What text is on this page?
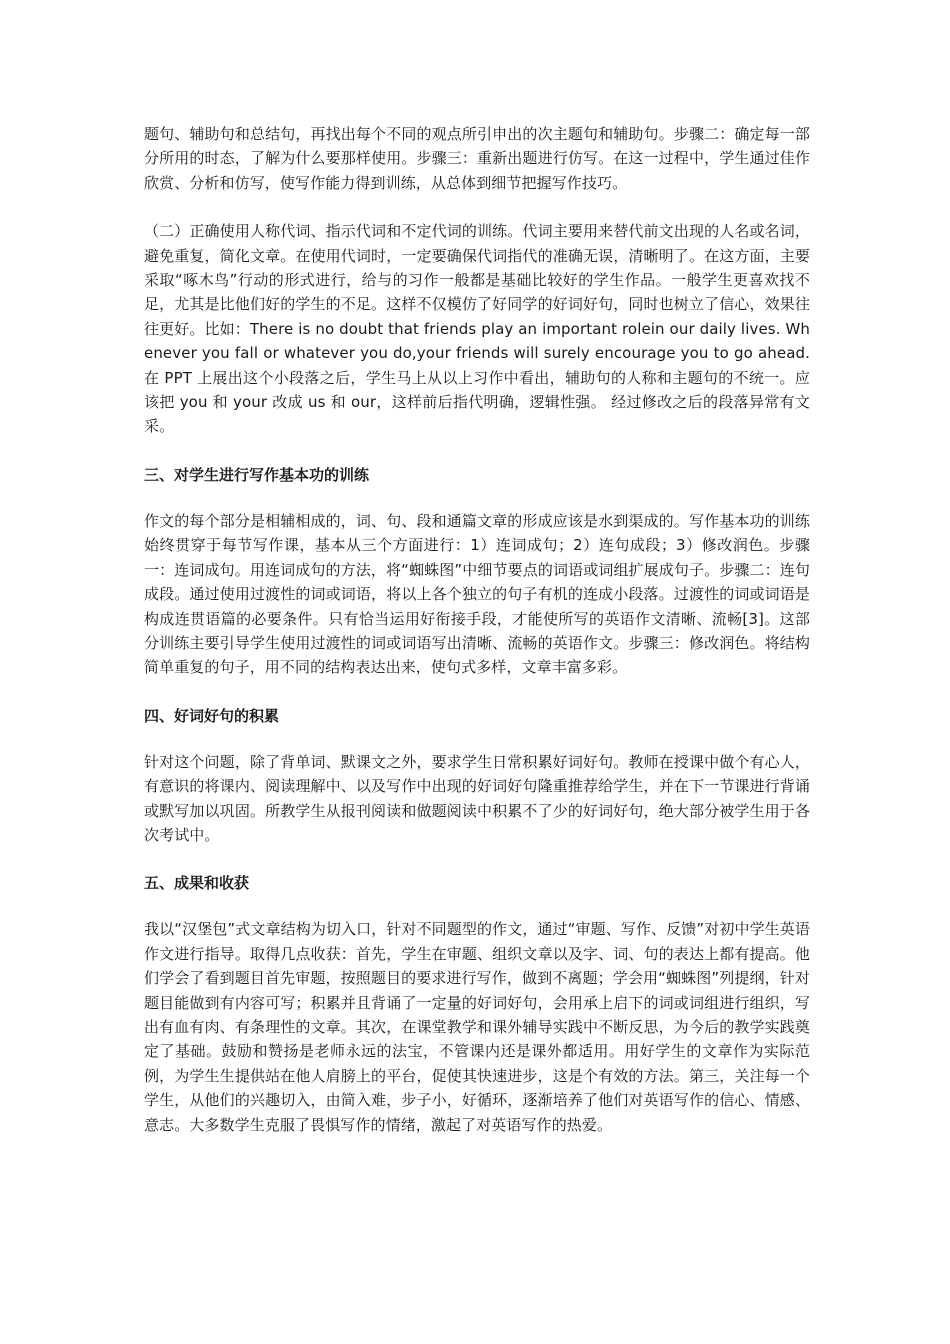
题句、辅助句和总结句，再找出每个不同的观点所引申出的次主题句和辅助句。步骤二：确定每一部分所用的时态，了解为什么要那样使用。步骤三：重新出题进行仿写。在这一过程中，学生通过佳作欣赏、分析和仿写，使写作能力得到训练，从总体到细节把握写作技巧。

（二）正确使用人称代词、指示代词和不定代词的训练。代词主要用来替代前文出现的人名或名词，避免重复，简化文章。在使用代词时，一定要确保代词指代的准确无误，清晰明了。在这方面，主要采取“啄木鸟”行动的形式进行，给与的习作一般都是基础比较好的学生作品。一般学生更喜欢找不足，尤其是比他们好的学生的不足。这样不仅模仿了好同学的好词好句，同时也树立了信心，效果往往更好。比如：There is no doubt that friends play an important rolein our daily lives. Whenever you fall or whatever you do,your friends will surely encourage you to go ahead.在 PPT 上展出这个小段落之后，学生马上从以上习作中看出，辅助句的人称和主题句的不统一。应该把 you 和 your 改成 us 和 our，这样前后指代明确，逻辑性强。 经过修改之后的段落异常有文采。

三、对学生进行写作基本功的训练

作文的每个部分是相辅相成的，词、句、段和通篇文章的形成应该是水到渠成的。写作基本功的训练始终贯穿于每节写作课，基本从三个方面进行：1）连词成句；2）连句成段；3）修改润色。步骤一：连词成句。用连词成句的方法，将“蜘蛛图”中细节要点的词语或词组扩展成句子。步骤二：连句成段。通过使用过渡性的词或词语，将以上各个独立的句子有机的连成小段落。过渡性的词或词语是构成连贯语篇的必要条件。只有恰当运用好衔接手段，才能使所写的英语作文清晰、流畅[3]。这部分训练主要引导学生使用过渡性的词或词语写出清晰、流畅的英语作文。步骤三：修改润色。将结构简单重复的句子，用不同的结构表达出来，使句式多样，文章丰富多彩。

四、好词好句的积累

针对这个问题，除了背单词、默课文之外，要求学生日常积累好词好句。教师在授课中做个有心人，有意识的将课内、阅读理解中、以及写作中出现的好词好句隆重推荐给学生，并在下一节课进行背诵或默写加以巩固。所教学生从报刊阅读和做题阅读中积累不了少的好词好句，绝大部分被学生用于各次考试中。

五、成果和收获

我以“汉堡包”式文章结构为切入口，针对不同题型的作文，通过“审题、写作、反馈”对初中学生英语作文进行指导。取得几点收获：首先，学生在审题、组织文章以及字、词、句的表达上都有提高。他们学会了看到题目首先审题，按照题目的要求进行写作，做到不离题；学会用“蜘蛛图”列提纲，针对题目能做到有内容可写；积累并且背诵了一定量的好词好句，会用承上启下的词或词组进行组织，写出有血有肉、有条理性的文章。其次，在课堂教学和课外辅导实践中不断反思，为今后的教学实践奠定了基础。鼓励和赞扬是老师永远的法宝，不管课内还是课外都适用。用好学生的文章作为实际范例，为学生生提供站在他人肩膀上的平台，促使其快速进步，这是个有效的方法。第三，关注每一个学生，从他们的兴趣切入，由简入难，步子小，好循环，逐渐培养了他们对英语写作的信心、情感、意志。大多数学生克服了畏惧写作的情绪，激起了对英语写作的热爱。
